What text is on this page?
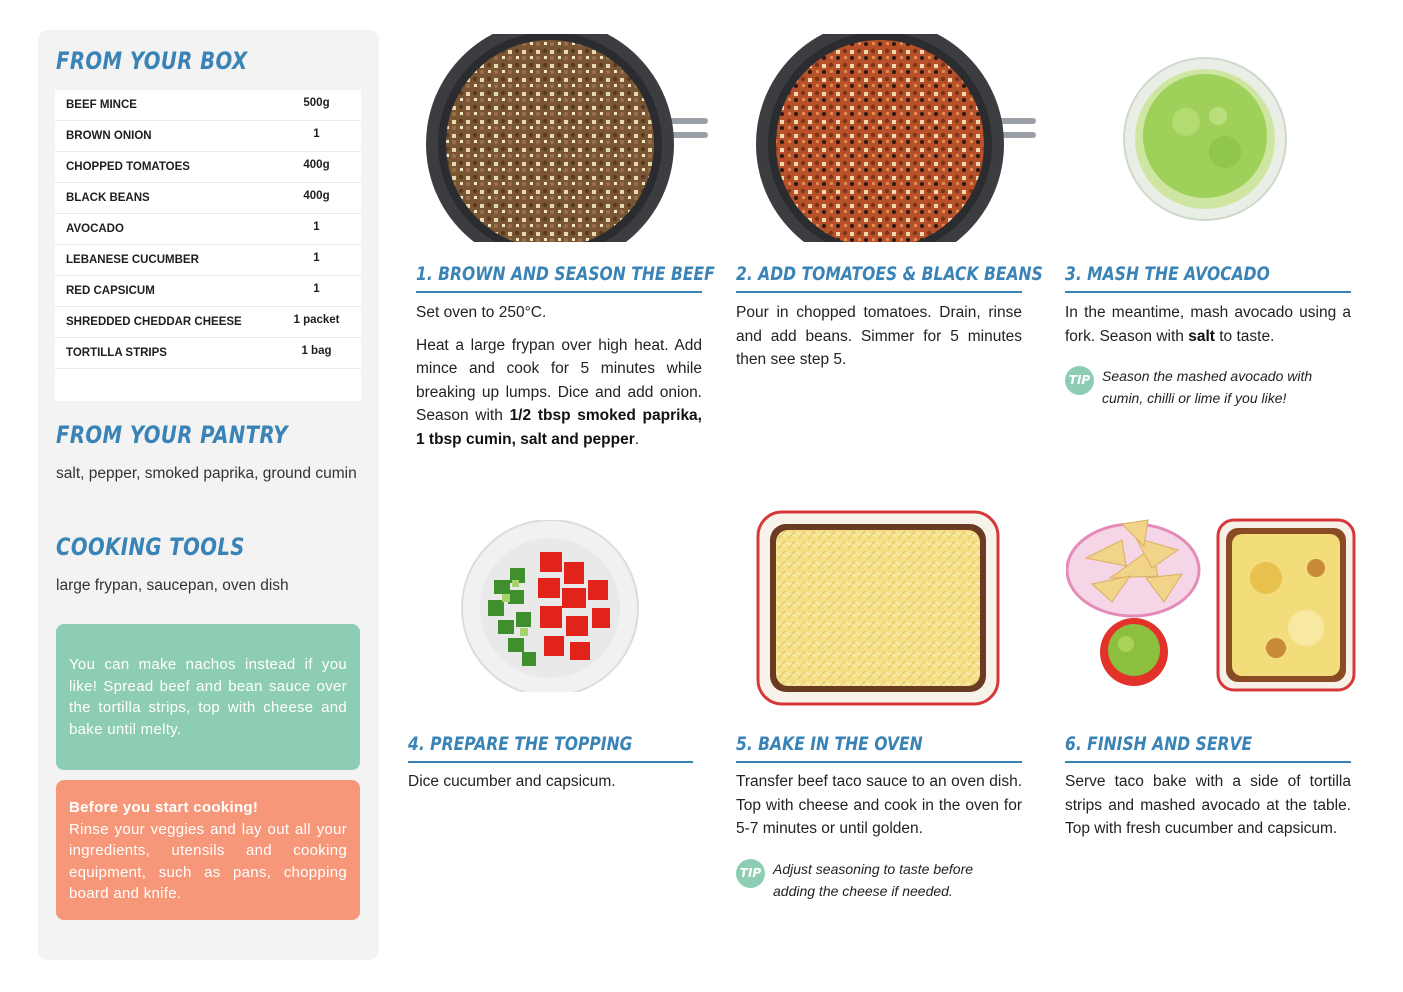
FROM YOUR BOX
BEEF MINCE	500g
BROWN ONION	1
CHOPPED TOMATOES	400g
BLACK BEANS	400g
AVOCADO	1
LEBANESE CUCUMBER	1
RED CAPSICUM	1
SHREDDED CHEDDAR CHEESE	1 packet
TORTILLA STRIPS	1 bag
FROM YOUR PANTRY
salt, pepper, smoked paprika, ground cumin
COOKING TOOLS
large frypan, saucepan, oven dish
You can make nachos instead if you like! Spread beef and bean sauce over the tortilla strips, top with cheese and bake until melty.
Before you start cooking!
Rinse your veggies and lay out all your ingredients, utensils and cooking equipment, such as pans, chopping board and knife.
1. BROWN AND SEASON THE BEEF 2. ADD TOMATOES & BLACK BEANS 3. MASH THE AVOCADO
4. PREPARE THE TOPPING	5. BAKE IN THE OVEN	6. FINISH AND SERVE

Set oven to 250°C.

Heat a large frypan over high heat. Add mince and cook for 5 minutes while breaking up lumps. Dice and add onion. Season with 1/2 tbsp smoked paprika, 1 tbsp cumin, salt and pepper.

Pour in chopped tomatoes. Drain, rinse and add beans. Simmer for 5 minutes then see step 5.

In the meantime, mash avocado using a fork. Season with salt to taste.

TIP Season the mashed avocado with cumin, chilli or lime if you like!

Dice cucumber and capsicum.	Transfer beef taco sauce to an oven dish. Top with cheese and cook in the oven for 5-7 minutes or until golden.

TIP Adjust seasoning to taste before adding the cheese if needed.

Serve taco bake with a side of tortilla strips and mashed avocado at the table. Top with fresh cucumber and capsicum.
